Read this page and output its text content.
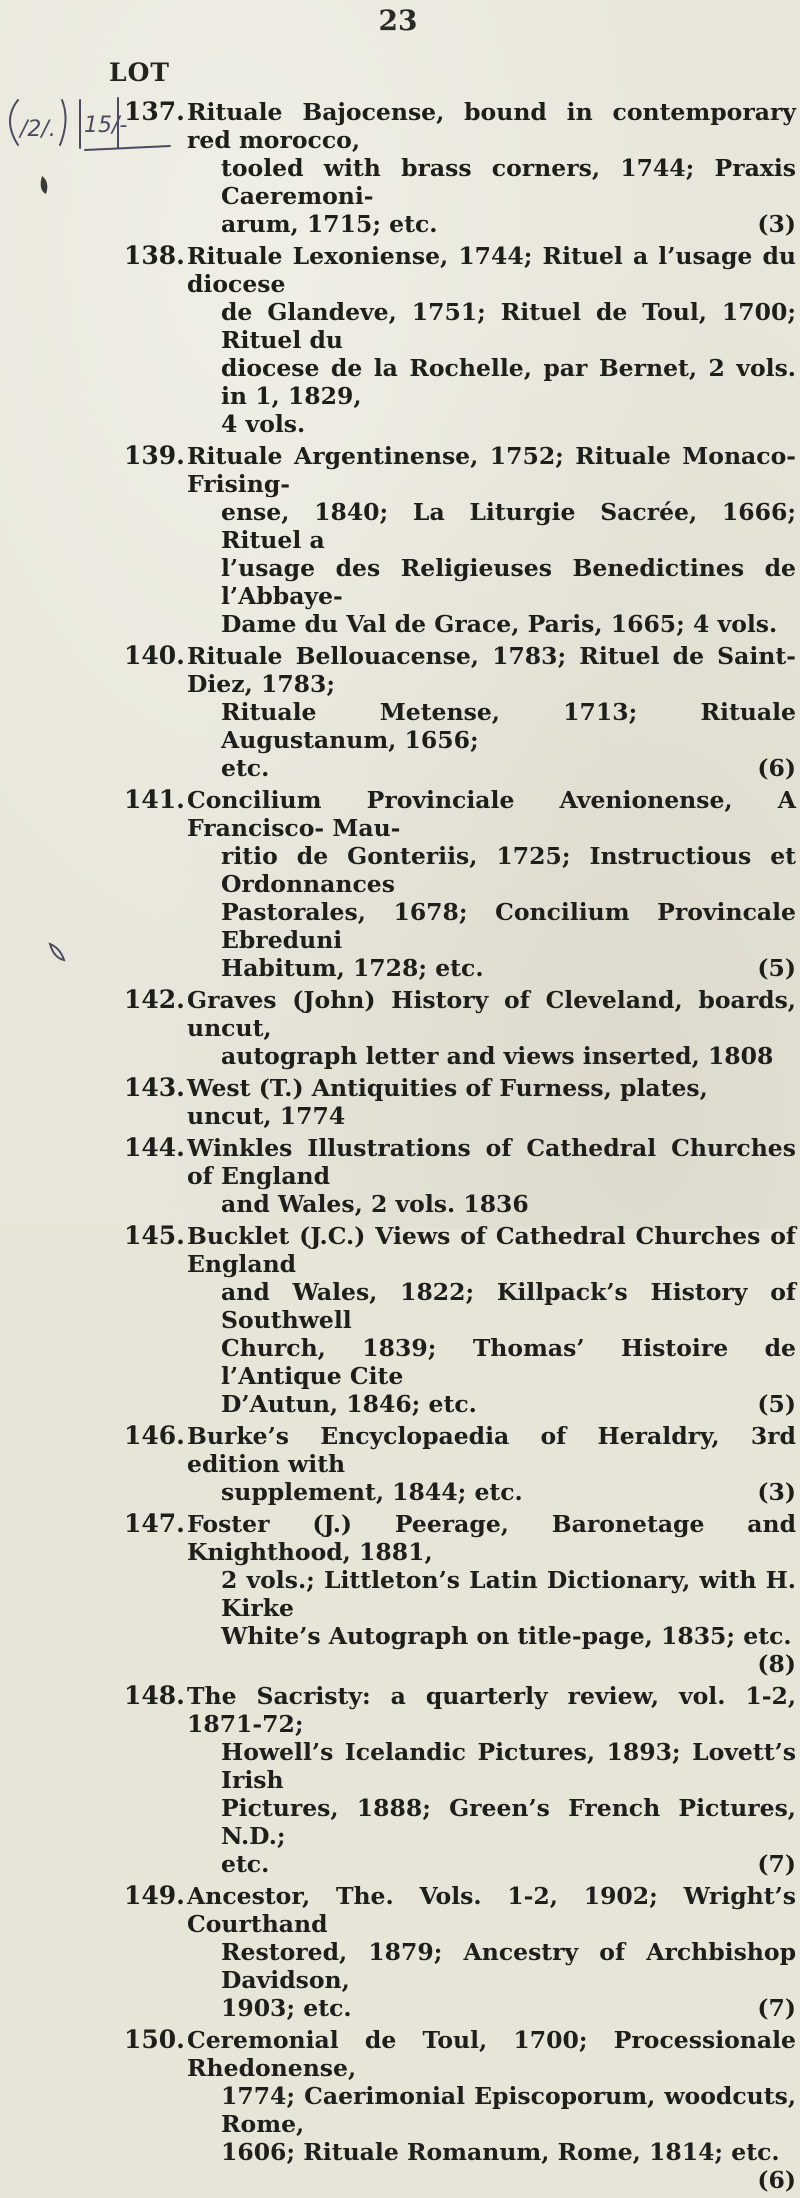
23
LOT
/2/. 15/-
137. Rituale Bajocense, bound in contemporary red morocco,
tooled with brass corners, 1744; Praxis Caeremoni-
arum, 1715; etc.	(3)
138. Rituale Lexoniense, 1744; Rituel a l’usage du diocese
de Glandeve, 1751; Rituel de Toul, 1700; Rituel du
diocese de la Rochelle, par Bernet, 2 vols. in 1, 1829,
4 vols.
139. Rituale Argentinense, 1752; Rituale Monaco-Frising-
ense, 1840; La Liturgie Sacrée, 1666; Rituel a
l’usage des Religieuses Benedictines de l’Abbaye-
Dame du Val de Grace, Paris, 1665; 4 vols.
140. Rituale Bellouacense, 1783; Rituel de Saint-Diez, 1783;
Rituale Metense, 1713; Rituale Augustanum, 1656;
etc.	(6)
141. Concilium Provinciale Avenionense, A Francisco- Mau-
ritio de Gonteriis, 1725; Instructious et Ordonnances
Pastorales, 1678; Concilium Provincale Ebreduni
Habitum, 1728; etc.	(5)
142. Graves (John) History of Cleveland, boards, uncut,
autograph letter and views inserted, 1808
143. West (T.) Antiquities of Furness, plates, uncut, 1774
144. Winkles Illustrations of Cathedral Churches of England
and Wales, 2 vols. 1836
145. Bucklet (J.C.) Views of Cathedral Churches of England
and Wales, 1822; Killpack’s History of Southwell
Church, 1839; Thomas’ Histoire de l’Antique Cite
D’Autun, 1846; etc.	(5)
146. Burke’s Encyclopaedia of Heraldry, 3rd edition with
supplement, 1844; etc.	(3)
147. Foster (J.) Peerage, Baronetage and Knighthood, 1881,
2 vols.; Littleton’s Latin Dictionary, with H. Kirke
White’s Autograph on title-page, 1835; etc.
(8)
148. The Sacristy: a quarterly review, vol. 1-2, 1871-72;
Howell’s Icelandic Pictures, 1893; Lovett’s Irish
Pictures, 1888; Green’s French Pictures, N.D.;
etc.	(7)
149. Ancestor, The. Vols. 1-2, 1902; Wright’s Courthand
Restored, 1879; Ancestry of Archbishop Davidson,
1903; etc.	(7)
150. Ceremonial de Toul, 1700; Processionale Rhedonense,
1774; Caerimonial Episcoporum, woodcuts, Rome,
1606; Rituale Romanum, Rome, 1814; etc.
(6)
